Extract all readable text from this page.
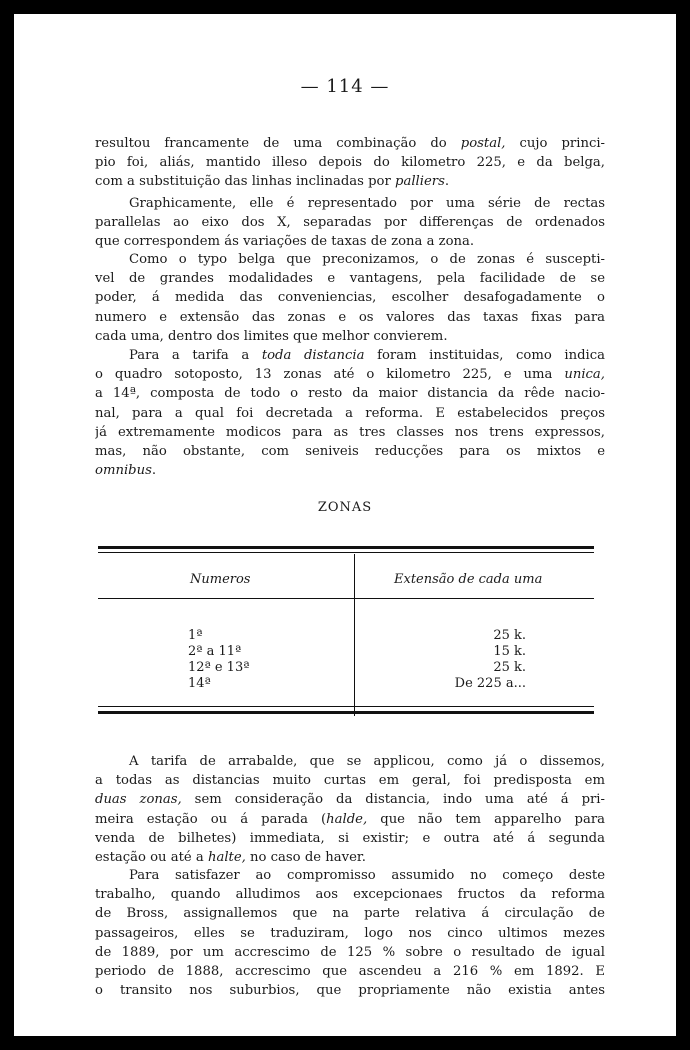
— 114 —
resultou francamente de uma combinação do postal, cujo princi-
pio foi, aliás, mantido illeso depois do kilometro 225, e da belga,
com a substituição das linhas inclinadas por palliers.
Graphicamente, elle é representado por uma série de rectas
parallelas ao eixo dos X, separadas por differenças de ordenados
que correspondem ás variações de taxas de zona a zona.
Como o typo belga que preconizamos, o de zonas é suscepti-
vel de grandes modalidades e vantagens, pela facilidade de se
poder, á medida das conveniencias, escolher desafogadamente o
numero e extensão das zonas e os valores das taxas fixas para
cada uma, dentro dos limites que melhor convierem.
Para a tarifa a toda distancia foram instituidas, como indica
o quadro sotoposto, 13 zonas até o kilometro 225, e uma unica,
a 14ª, composta de todo o resto da maior distancia da rêde nacio-
nal, para a qual foi decretada a reforma. E estabelecidos preços
já extremamente modicos para as tres classes nos trens expressos,
mas, não obstante, com seniveis reducções para os mixtos e
omnibus.
ZONAS
Numeros	Extensão de cada uma
1ª
2ª a 11ª
12ª e 13ª
14ª
25 k.
15 k.
25 k.
De 225 a...
A tarifa de arrabalde, que se applicou, como já o dissemos,
a todas as distancias muito curtas em geral, foi predisposta em
duas zonas, sem consideração da distancia, indo uma até á pri-
meira estação ou á parada (halde, que não tem apparelho para
venda de bilhetes) immediata, si existir; e outra até á segunda
estação ou até a halte, no caso de haver.
Para satisfazer ao compromisso assumido no começo deste
trabalho, quando alludimos aos excepcionaes fructos da reforma
de Bross, assignallemos que na parte relativa á circulação de
passageiros, elles se traduziram, logo nos cinco ultimos mezes
de 1889, por um accrescimo de 125 % sobre o resultado de igual
periodo de 1888, accrescimo que ascendeu a 216 % em 1892. E
o transito nos suburbios, que propriamente não existia antes
